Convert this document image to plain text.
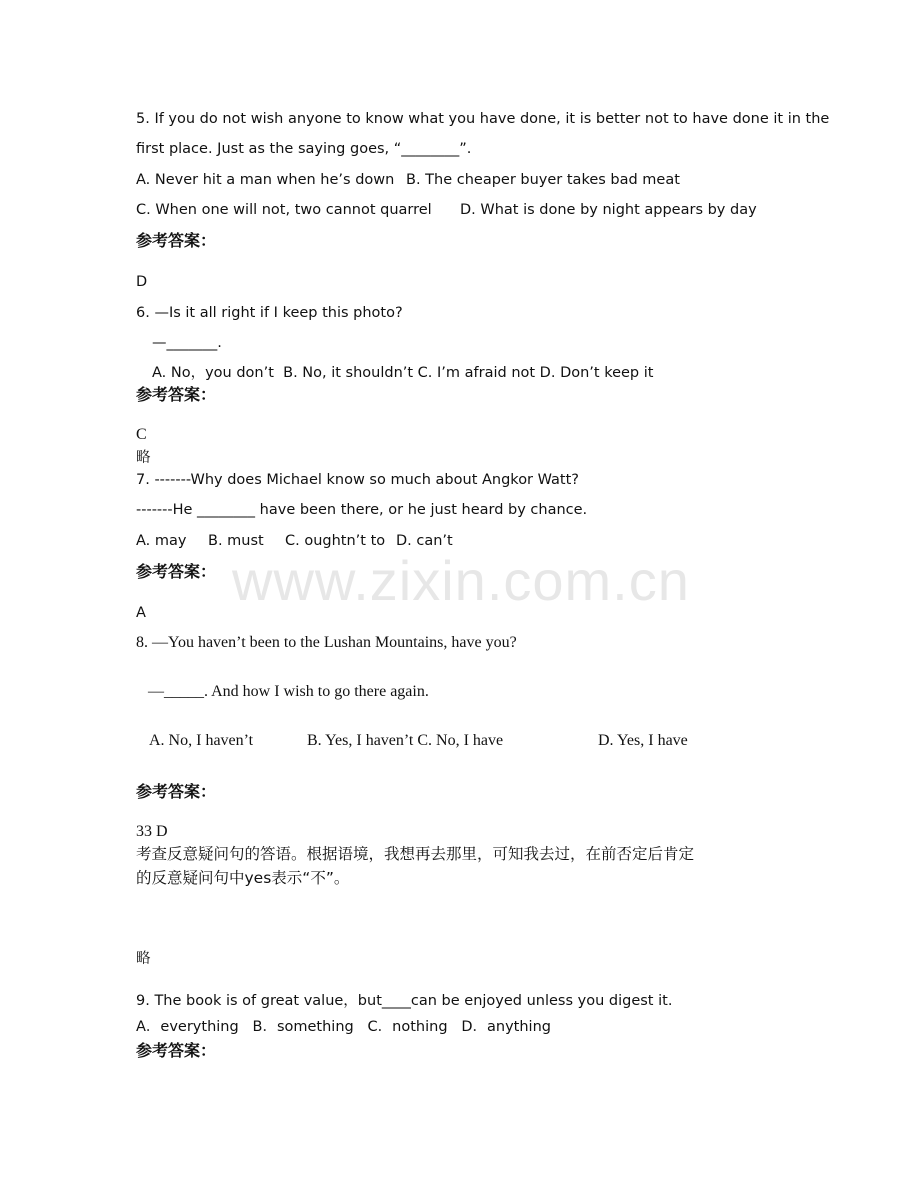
www.zixin.com.cn
5. If you do not wish anyone to know what you have done, it is better not to have done it in the
first place. Just as the saying goes, “________”.
A. Never hit a man when he’s down B. The cheaper buyer takes bad meat
C. When one will not, two cannot quarrel D. What is done by night appears by day
参考答案：
D
6. —Is it all right if I keep this photo?
—_______.
A. No，you don’t  B. No, it shouldn’t C. I’m afraid not D. Don’t keep it
参考答案：
C
略
7. -------Why does Michael know so much about Angkor Watt?
-------He ________ have been there, or he just heard by chance.
A. may B. must C. oughtn’t to D. can’t
参考答案：
A
8. —You haven’t been to the Lushan Mountains, have you?
—_____. And how I wish to go there again.
A. No, I haven’t	B. Yes, I haven’t C. No, I have	D. Yes, I have
参考答案：
33 D
考查反意疑问句的答语。根据语境，我想再去那里，可知我去过，在前否定后肯定
的反意疑问句中yes表示“不”。
略
9. The book is of great value，but____can be enjoyed unless you digest it.
A．everything   B．something   C．nothing   D．anything
参考答案：
